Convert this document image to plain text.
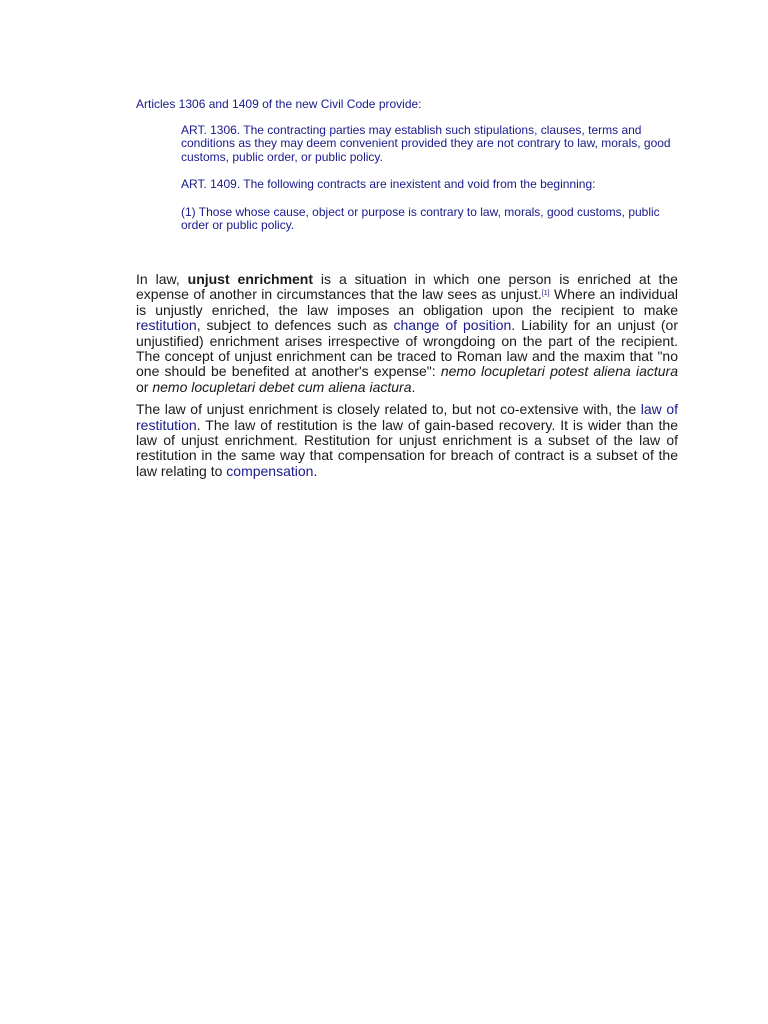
Articles 1306 and 1409 of the new Civil Code provide:

ART. 1306. The contracting parties may establish such stipulations, clauses, terms and conditions as they may deem convenient provided they are not contrary to law, morals, good customs, public order, or public policy.

ART. 1409. The following contracts are inexistent and void from the beginning:

(1) Those whose cause, object or purpose is contrary to law, morals, good customs, public order or public policy.

In law, unjust enrichment is a situation in which one person is enriched at the expense of another in circumstances that the law sees as unjust.[1] Where an individual is unjustly enriched, the law imposes an obligation upon the recipient to make restitution, subject to defences such as change of position. Liability for an unjust (or unjustified) enrichment arises irrespective of wrongdoing on the part of the recipient. The concept of unjust enrichment can be traced to Roman law and the maxim that "no one should be benefited at another's expense": nemo locupletari potest aliena iactura or nemo locupletari debet cum aliena iactura.

The law of unjust enrichment is closely related to, but not co-extensive with, the law of restitution. The law of restitution is the law of gain-based recovery. It is wider than the law of unjust enrichment. Restitution for unjust enrichment is a subset of the law of restitution in the same way that compensation for breach of contract is a subset of the law relating to compensation.
